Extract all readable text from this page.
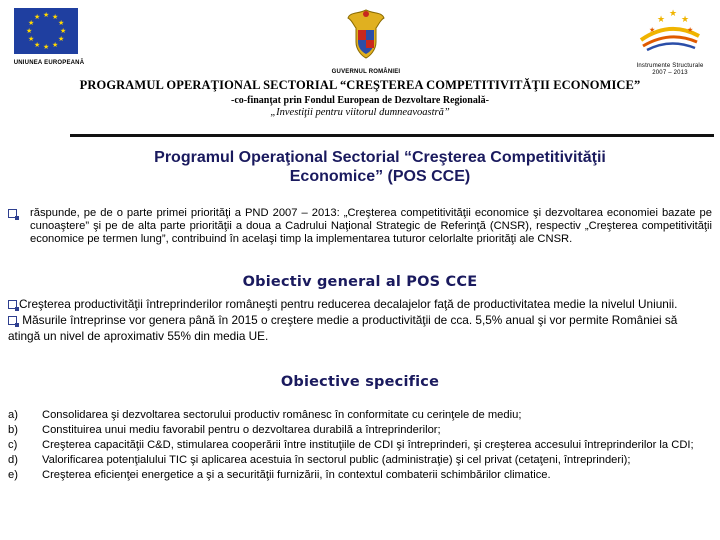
★ ★
★
★
★
★
★
★
★
★
★
★
UNIUNEA EUROPEANĂ
GUVERNUL ROMÂNIEI
★
★
★
★
★
Instrumente Structurale
2007 – 2013
PROGRAMUL OPERAŢIONAL SECTORIAL “CREŞTEREA COMPETITIVITĂŢII ECONOMICE”
-co-finanţat prin Fondul European de Dezvoltare Regională-
„Investiţii pentru viitorul dumneavoastră”
Programul Operaţional Sectorial “Creşterea Competitivităţii
Economice” (POS CCE)
răspunde, pe de o parte primei priorităţi a PND 2007 – 2013: „Creşterea competitivităţii economice şi dezvoltarea economiei bazate pe cunoaştere” şi pe de alta parte priorităţii a doua a Cadrului Naţional Strategic de Referinţă (CNSR), respectiv „Creşterea competitivităţii economice pe termen lung”, contribuind în acelaşi timp la implementarea tuturor celorlalte priorităţi ale CNSR.
Obiectiv general al POS CCE
Creşterea productivităţii întreprinderilor româneşti pentru reducerea decalajelor faţă de productivitatea medie la nivelul Uniunii.
Măsurile întreprinse vor genera până în 2015 o creştere medie a productivităţii de cca. 5,5% anual şi vor permite României să atingă un nivel de aproximativ 55% din media UE.
Obiective specifice
a) Consolidarea şi dezvoltarea sectorului productiv românesc în conformitate cu cerinţele de mediu;
b) Constituirea unui mediu favorabil pentru o dezvoltarea durabilă a întreprinderilor;
c) Creşterea capacităţii C&D, stimularea cooperării între instituţiile de CDI şi întreprinderi, şi creşterea accesului întreprinderilor la CDI;
d) Valorificarea potenţialului TIC şi aplicarea acestuia în sectorul public (administraţie) şi cel privat (cetaţeni, întreprinderi);
e) Creşterea eficienţei energetice a şi a securităţii furnizării, în contextul combaterii schimbărilor climatice.
